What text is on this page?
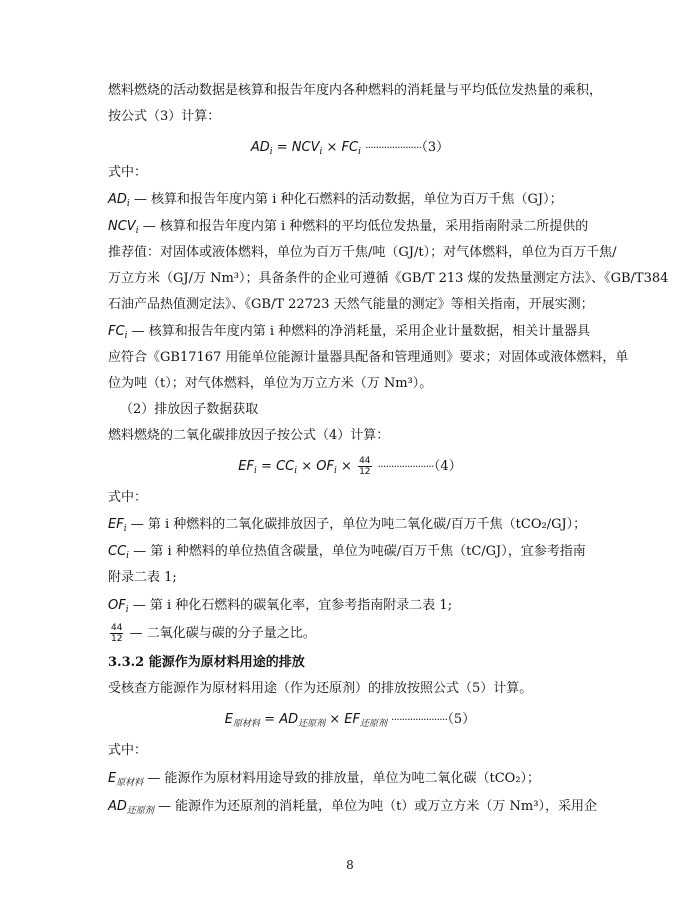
燃料燃烧的活动数据是核算和报告年度内各种燃料的消耗量与平均低位发热量的乘积，
按公式（3）计算：
$AD_i = NCV_i \times FC_i \cdot\cdot\cdot\cdot\cdot\cdot\cdot\cdot\cdot\cdot\cdot\cdot\cdot\cdot\cdot\cdot\cdot\cdot\cdot\cdot\cdot(3)$
式中：
$AD_i$ — 核算和报告年度内第 i 种化石燃料的活动数据，单位为百万千焦（GJ）；
$NCV_i$ — 核算和报告年度内第 i 种燃料的平均低位发热量，采用指南附录二所提供的
推荐值：对固体或液体燃料，单位为百万千焦/吨（GJ/t）；对气体燃料，单位为百万千焦/
万立方米（GJ/万 Nm³）；具备条件的企业可遵循《GB/T 213 煤的发热量测定方法》、《GB/T384
石油产品热值测定法》、《GB/T 22723 天然气能量的测定》等相关指南，开展实测；
$FC_i$ — 核算和报告年度内第 i 种燃料的净消耗量，采用企业计量数据，相关计量器具
应符合《GB17167 用能单位能源计量器具配备和管理通则》要求；对固体或液体燃料，单
位为吨（t）；对气体燃料，单位为万立方米（万 Nm³）。
（2）排放因子数据获取
燃料燃烧的二氧化碳排放因子按公式（4）计算：
$EF_i = CC_i \times OF_i \times \frac{44}{12} \cdot\cdot\cdot\cdot\cdot\cdot\cdot\cdot\cdot\cdot\cdot\cdot\cdot\cdot\cdot\cdot\cdot\cdot\cdot\cdot\cdot(4)$
式中：
$EF_i$ — 第 i 种燃料的二氧化碳排放因子，单位为吨二氧化碳/百万千焦（tCO₂/GJ）；
$CC_i$ — 第 i 种燃料的单位热值含碳量，单位为吨碳/百万千焦（tC/GJ），宜参考指南
附录二表 1;
$OF_i$ — 第 i 种化石燃料的碳氧化率，宜参考指南附录二表 1;
$\frac{44}{12}$ — 二氧化碳与碳的分子量之比。
3.3.2 能源作为原材料用途的排放
受核查方能源作为原材料用途（作为还原剂）的排放按照公式（5）计算。
$E_{原材料} = AD_{还原剂} \times EF_{还原剂} \cdot\cdot\cdot\cdot\cdot\cdot\cdot\cdot\cdot\cdot\cdot\cdot\cdot\cdot\cdot\cdot\cdot\cdot\cdot\cdot\cdot(5)$
式中：
$E_{原材料}$ — 能源作为原材料用途导致的排放量，单位为吨二氧化碳（tCO₂）；
$AD_{还原剂}$ — 能源作为还原剂的消耗量，单位为吨（t）或万立方米（万 Nm³），采用企
8
